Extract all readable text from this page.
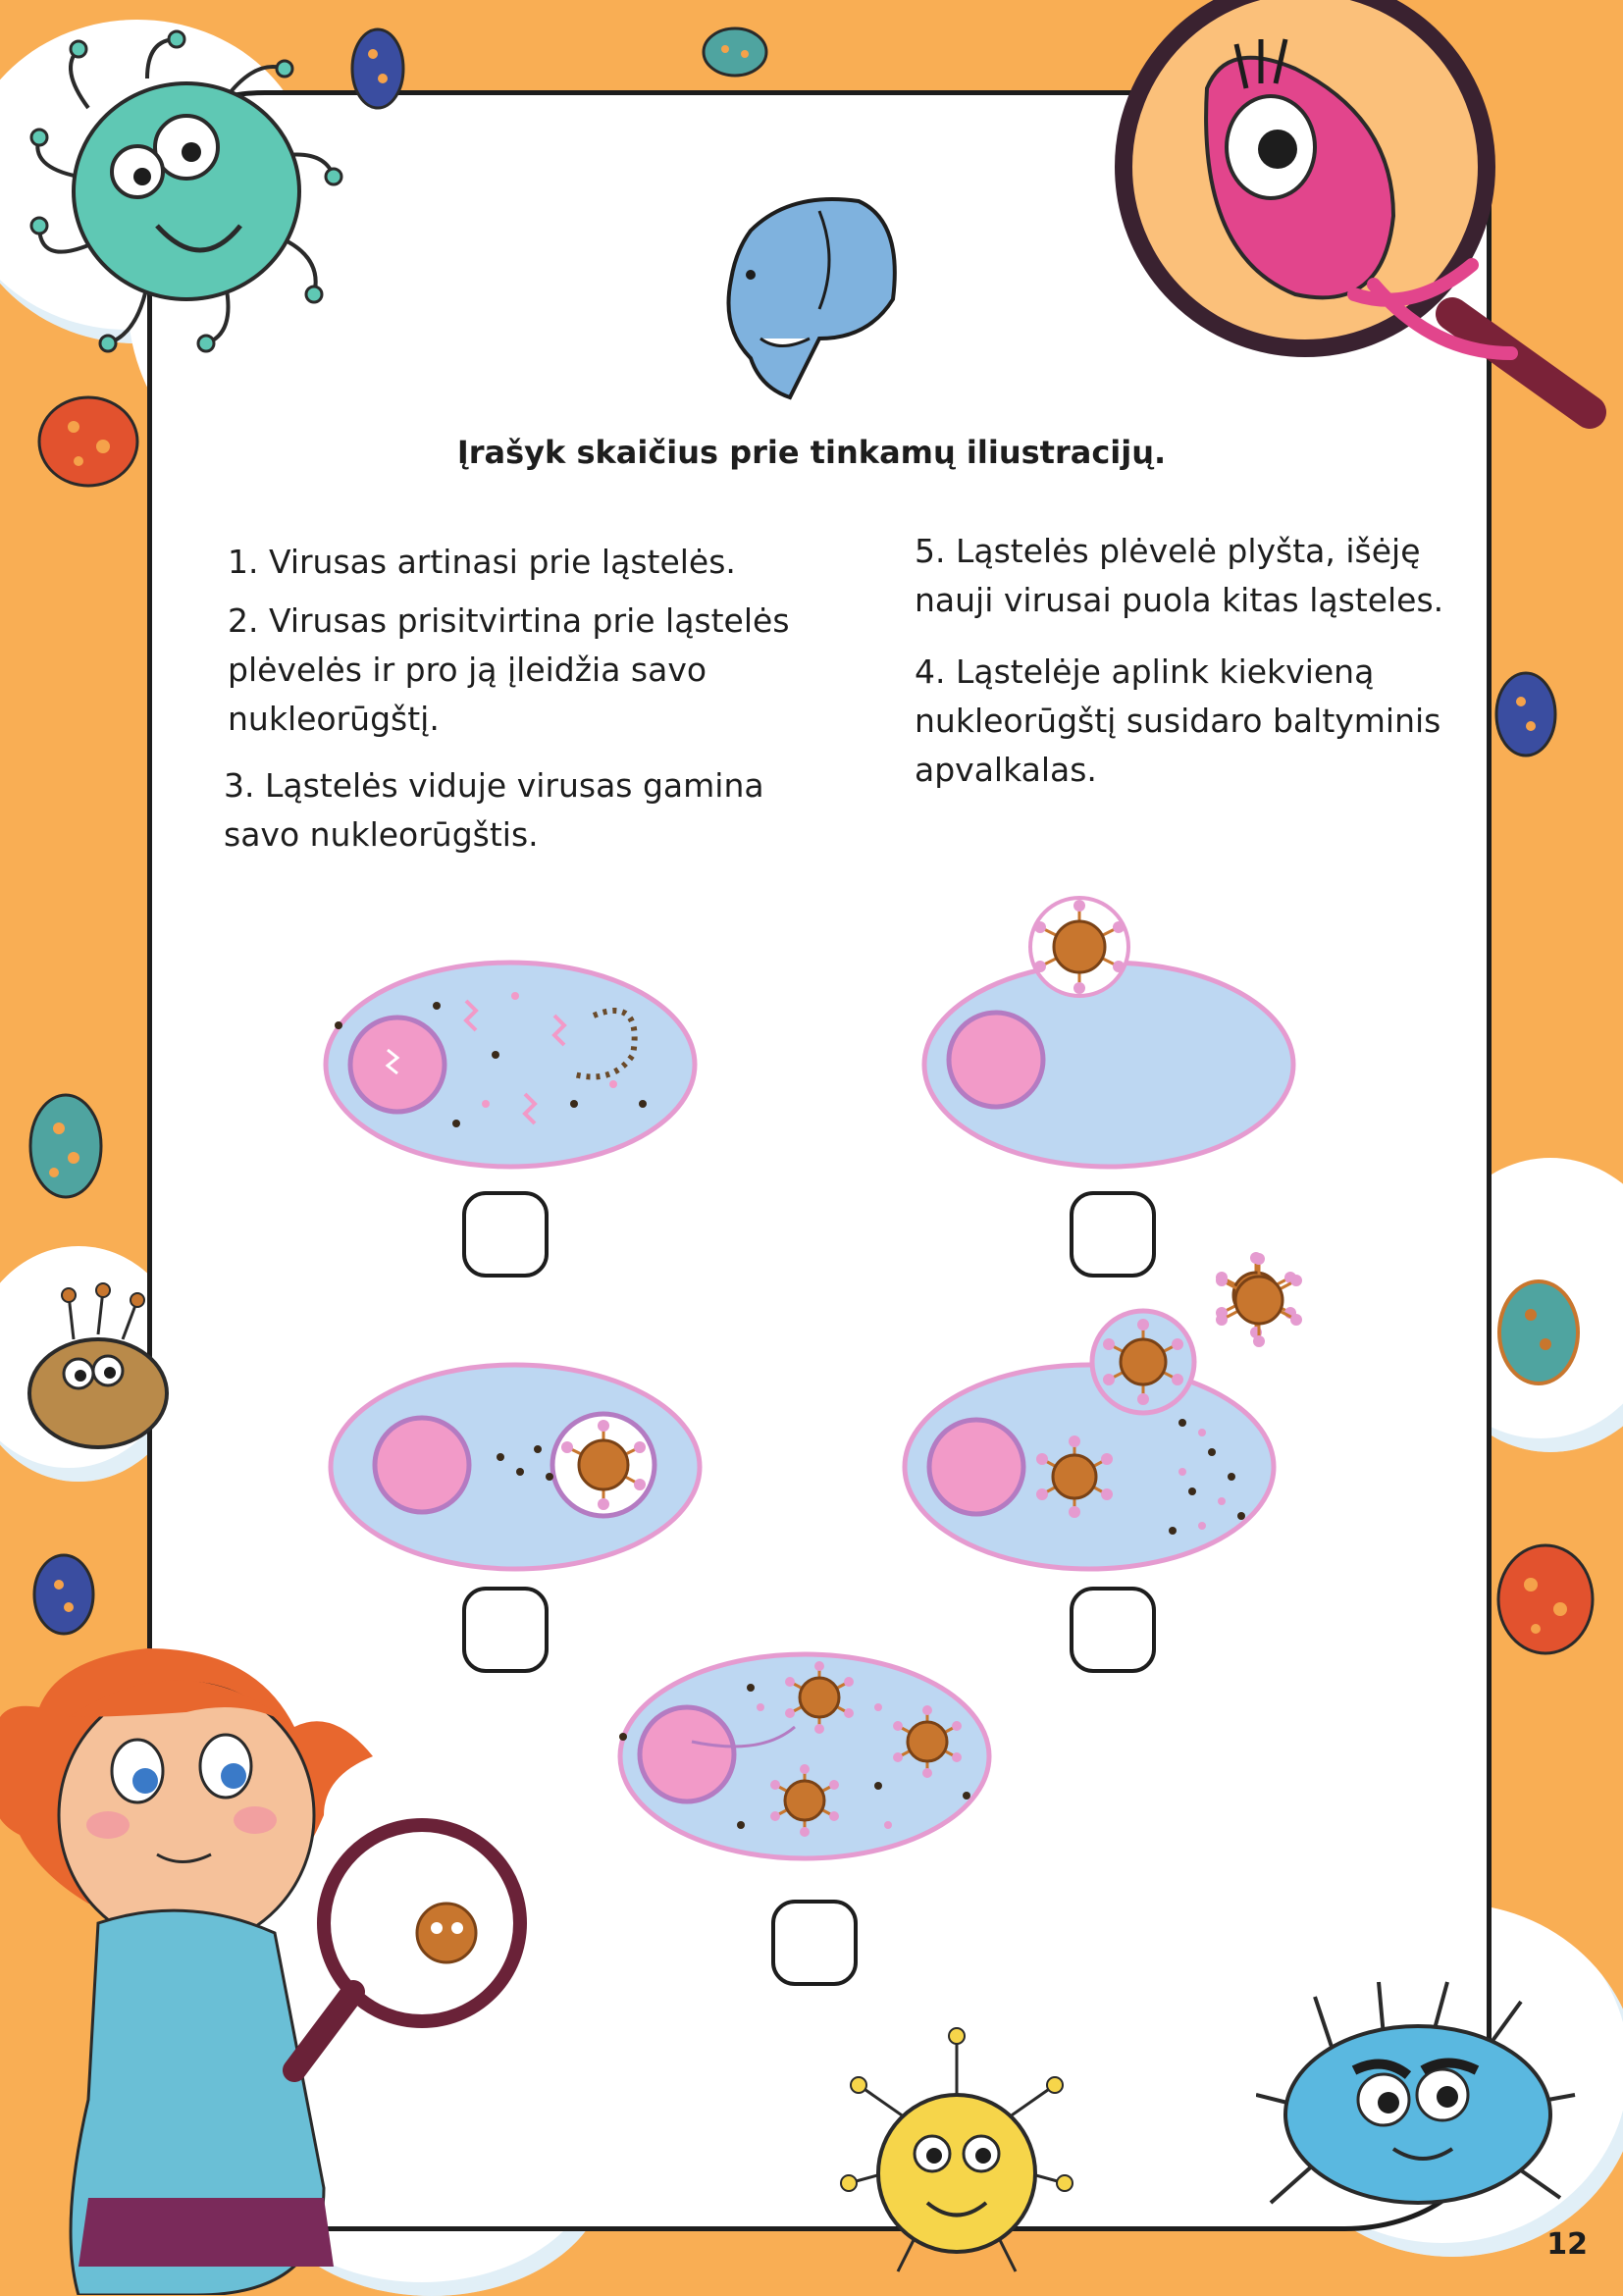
Įrašyk skaičius prie tinkamų iliustracijų.
1. Virusas artinasi prie ląstelės.
2. Virusas prisitvirtina prie ląstelės
plėvelės ir pro ją įleidžia savo
nukleorūgštį.
3. Ląstelės viduje virusas gamina
savo nukleorūgštis.
5. Ląstelės plėvelė plyšta, išėję
nauji virusai puola kitas ląsteles.
4. Ląstelėje aplink kiekvieną
nukleorūgštį susidaro baltyminis
apvalkalas.
12
